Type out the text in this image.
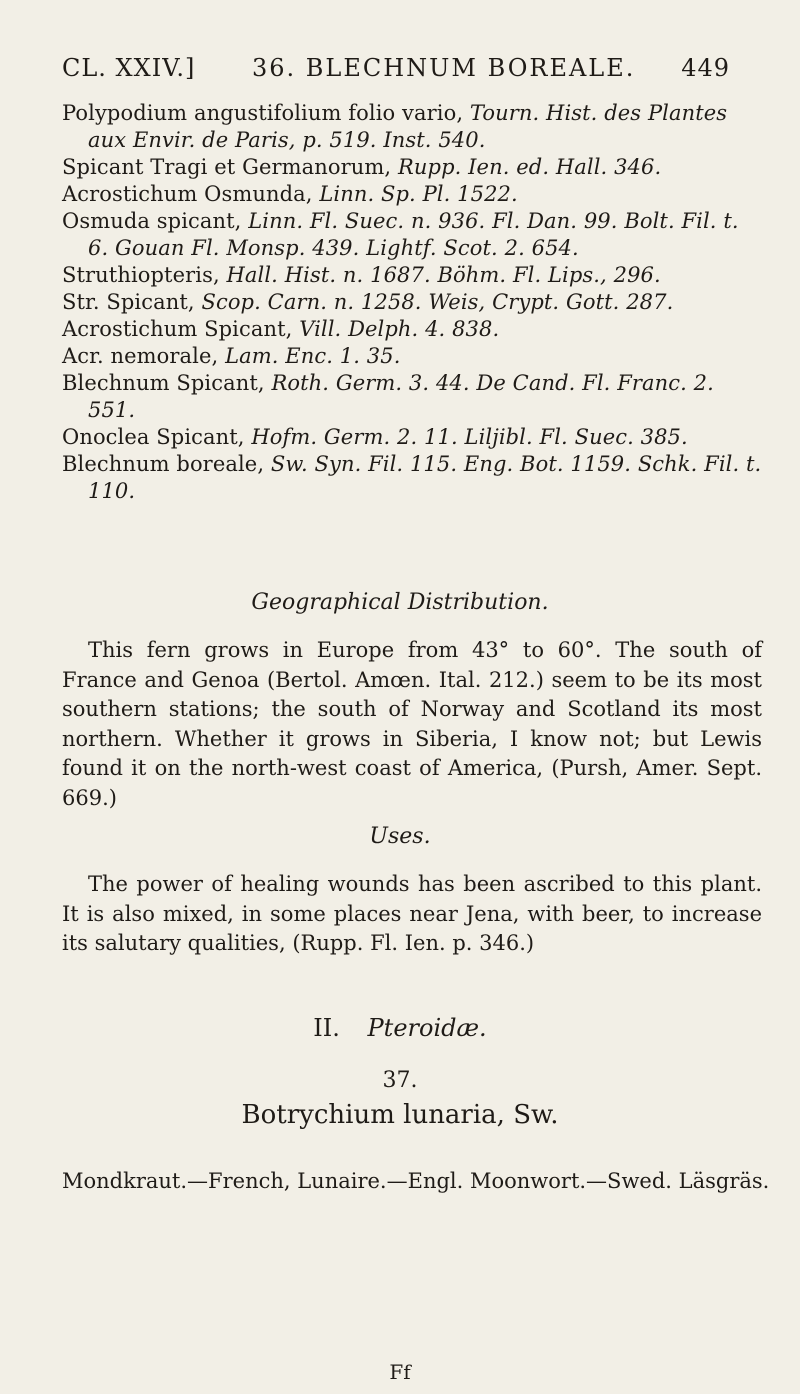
CL. XXIV.] 36. BLECHNUM BOREALE. 449

Polypodium angustifolium folio vario, Tourn. Hist. des Plantes aux Envir. de Paris, p. 519. Inst. 540.

Spicant Tragi et Germanorum, Rupp. Ien. ed. Hall. 346.

Acrostichum Osmunda, Linn. Sp. Pl. 1522.

Osmuda spicant, Linn. Fl. Suec. n. 936. Fl. Dan. 99. Bolt. Fil. t. 6. Gouan Fl. Monsp. 439. Lightf. Scot. 2. 654.

Struthiopteris, Hall. Hist. n. 1687. Böhm. Fl. Lips., 296.

Str. Spicant, Scop. Carn. n. 1258. Weis, Crypt. Gott. 287.

Acrostichum Spicant, Vill. Delph. 4. 838.

Acr. nemorale, Lam. Enc. 1. 35.

Blechnum Spicant, Roth. Germ. 3. 44. De Cand. Fl. Franc. 2. 551.

Onoclea Spicant, Hofm. Germ. 2. 11. Liljibl. Fl. Suec. 385.

Blechnum boreale, Sw. Syn. Fil. 115. Eng. Bot. 1159. Schk. Fil. t. 110.

Geographical Distribution.

This fern grows in Europe from 43° to 60°. The south of France and Genoa (Bertol. Amœn. Ital. 212.) seem to be its most southern stations; the south of Norway and Scotland its most northern. Whether it grows in Siberia, I know not; but Lewis found it on the north-west coast of America, (Pursh, Amer. Sept. 669.)

Uses.

The power of healing wounds has been ascribed to this plant. It is also mixed, in some places near Jena, with beer, to increase its salutary qualities, (Rupp. Fl. Ien. p. 346.)

II. Pteroidæ.

37.

Botrychium lunaria, Sw.

Mondkraut.—French, Lunaire.—Engl. Moonwort.—Swed. Läsgräs.

Ff
